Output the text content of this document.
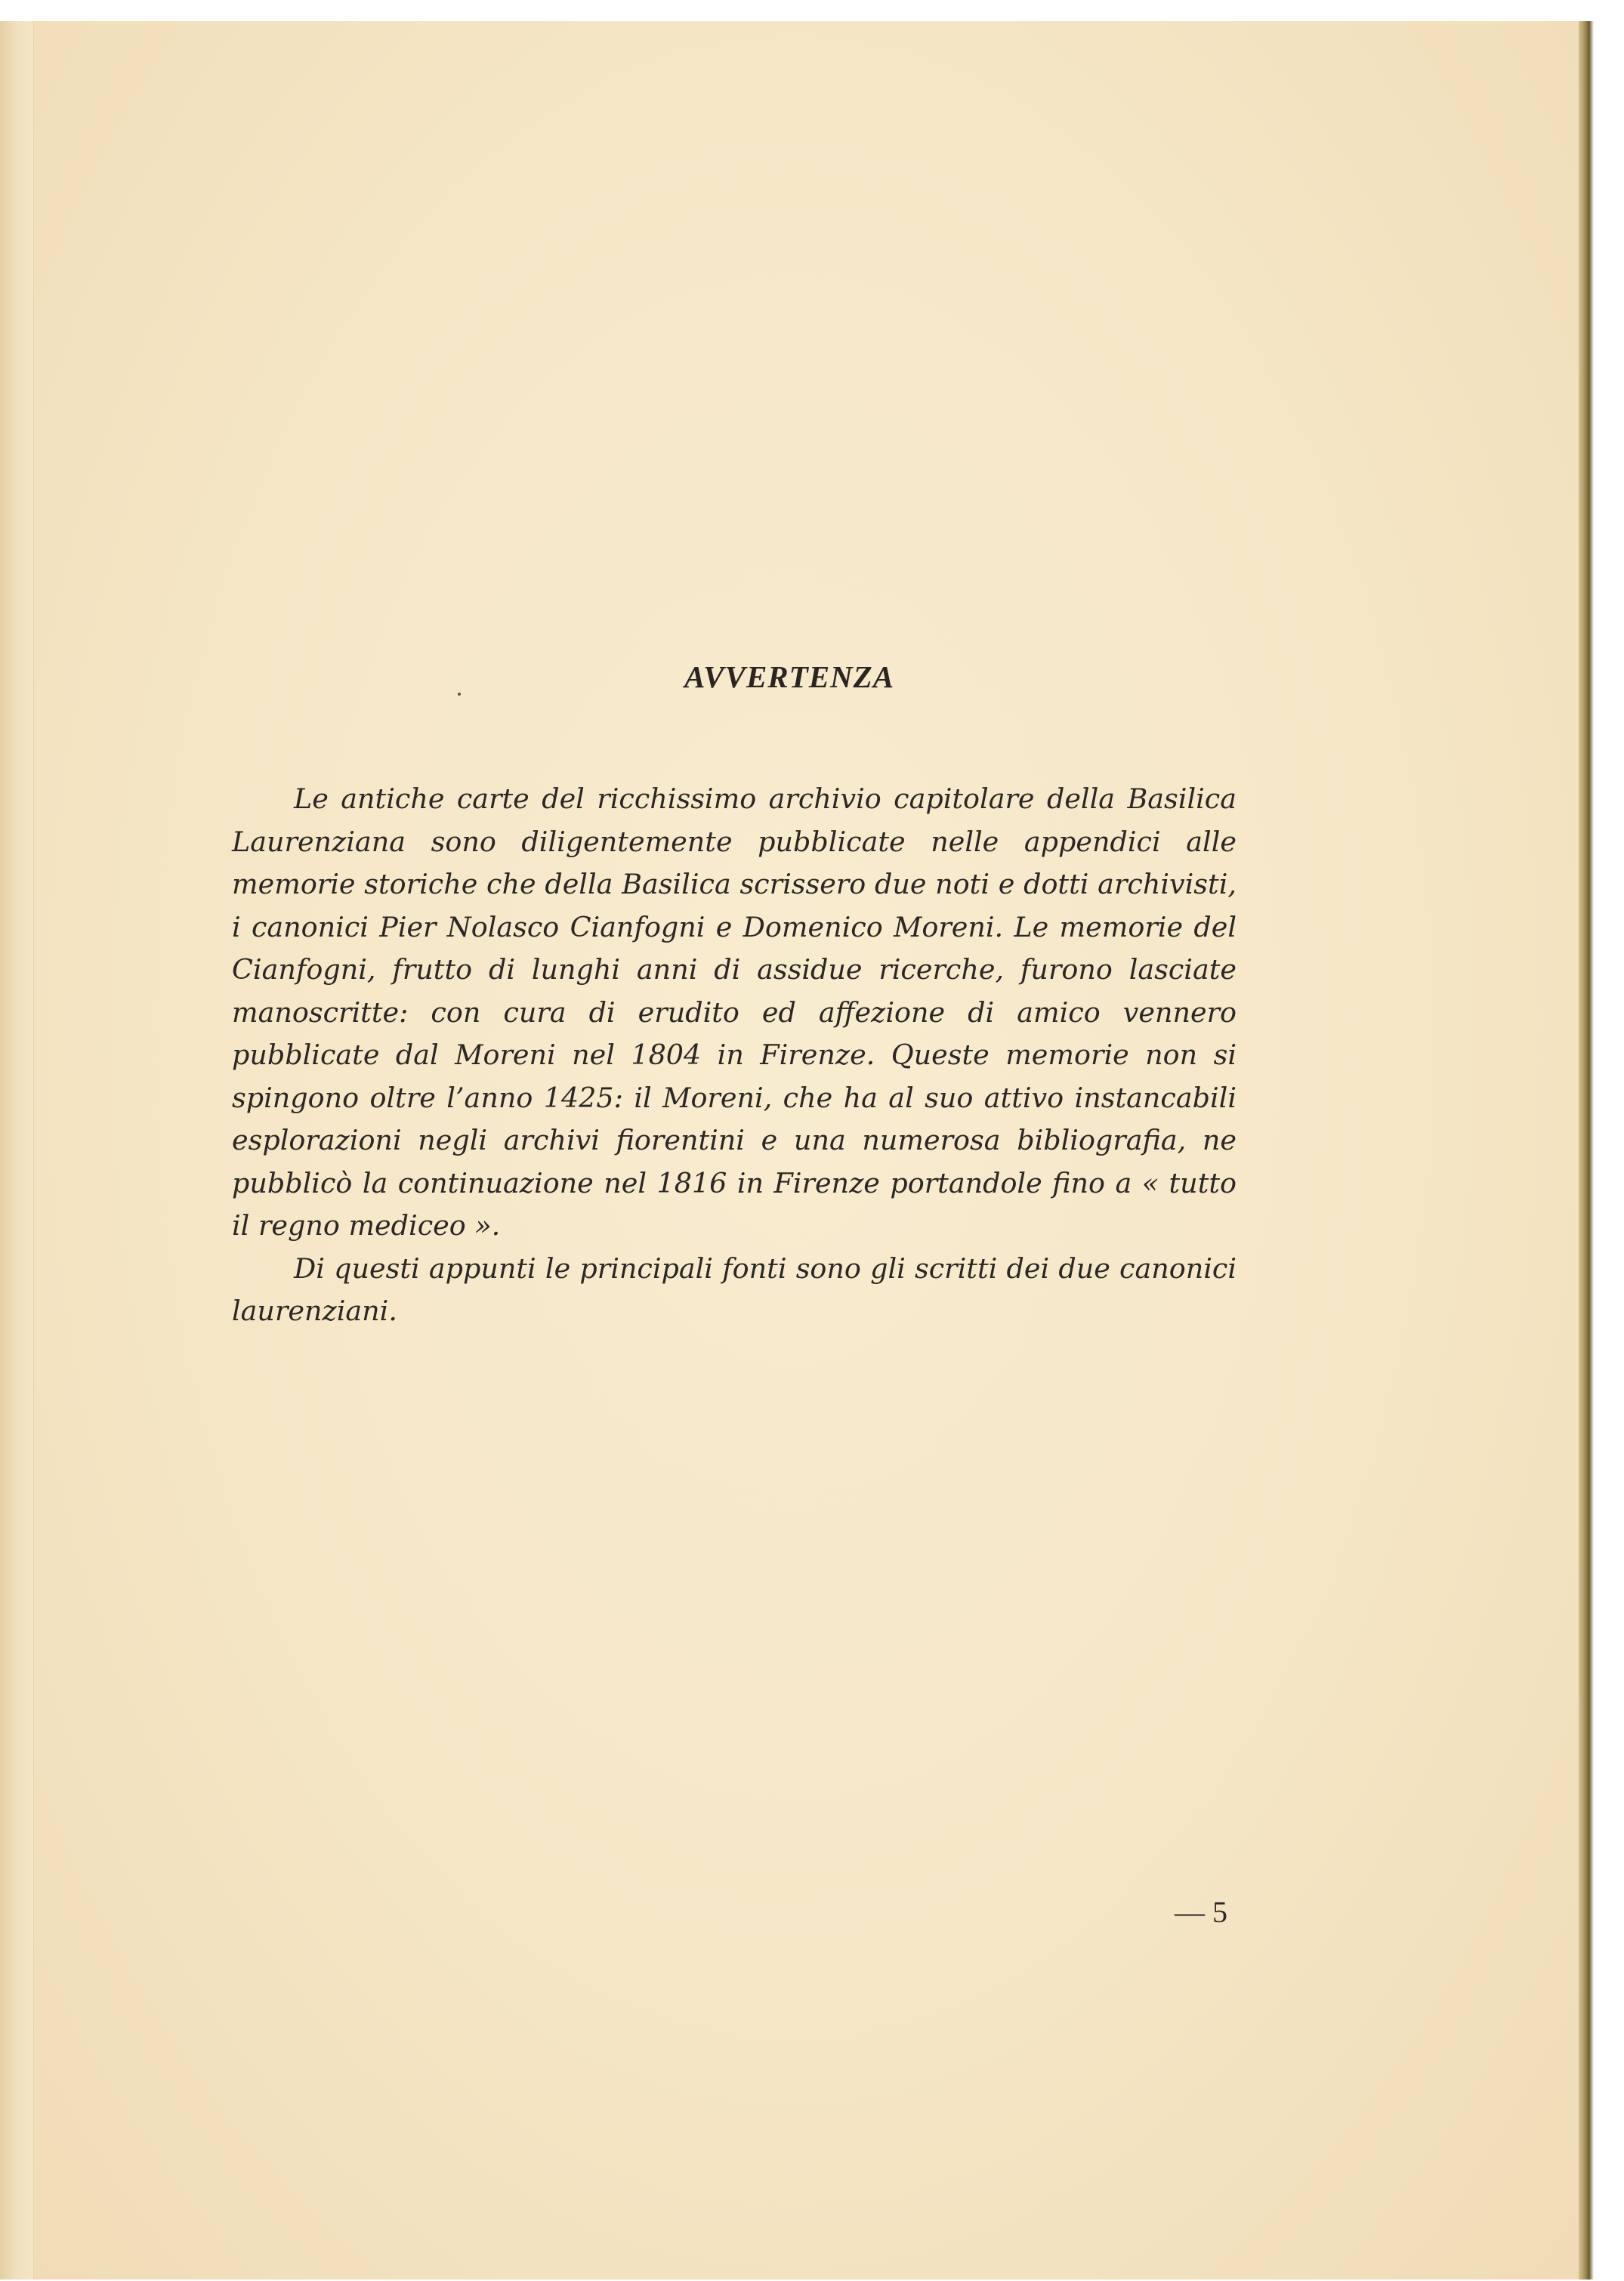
AVVERTENZA

Le antiche carte del ricchissimo archivio capitolare della Basilica Laurenziana sono diligentemente pubblicate nelle appendici alle memorie storiche che della Basilica scrissero due noti e dotti archivisti, i canonici Pier Nolasco Cianfogni e Domenico Moreni. Le memorie del Cianfogni, frutto di lunghi anni di assidue ricerche, furono lasciate manoscritte: con cura di erudito ed affezione di amico vennero pubblicate dal Moreni nel 1804 in Firenze. Queste memorie non si spingono oltre l’anno 1425: il Moreni, che ha al suo attivo instancabili esplorazioni negli archivi fiorentini e una numerosa bibliografia, ne pubblicò la continuazione nel 1816 in Firenze portandole fino a « tutto il regno mediceo ».

Di questi appunti le principali fonti sono gli scritti dei due canonici laurenziani.

— 5
